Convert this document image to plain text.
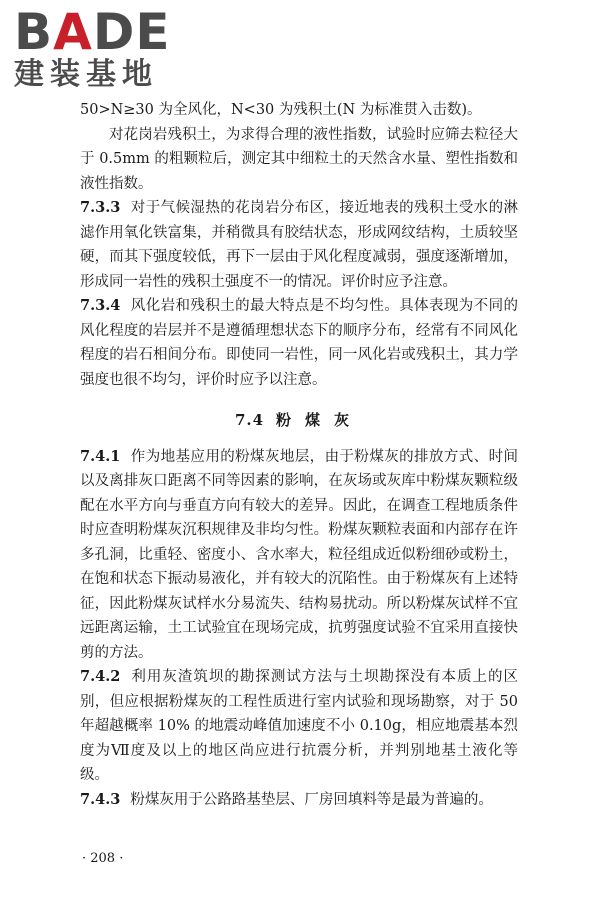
BADE
建装基地

50>N≥30 为全风化，N<30 为残积土(N 为标准贯入击数)。

对花岗岩残积土，为求得合理的液性指数，试验时应筛去粒径大于 0.5mm 的粗颗粒后，测定其中细粒土的天然含水量、塑性指数和液性指数。

7.3.3 对于气候湿热的花岗岩分布区，接近地表的残积土受水的淋滤作用氧化铁富集，并稍微具有胶结状态，形成网纹结构，土质较坚硬，而其下强度较低，再下一层由于风化程度减弱，强度逐渐增加，形成同一岩性的残积土强度不一的情况。评价时应予注意。

7.3.4 风化岩和残积土的最大特点是不均匀性。具体表现为不同的风化程度的岩层并不是遵循理想状态下的顺序分布，经常有不同风化程度的岩石相间分布。即使同一岩性，同一风化岩或残积土，其力学强度也很不均匀，评价时应予以注意。

7.4 粉煤灰

7.4.1 作为地基应用的粉煤灰地层，由于粉煤灰的排放方式、时间以及离排灰口距离不同等因素的影响，在灰场或灰库中粉煤灰颗粒级配在水平方向与垂直方向有较大的差异。因此，在调查工程地质条件时应查明粉煤灰沉积规律及非均匀性。粉煤灰颗粒表面和内部存在许多孔洞，比重轻、密度小、含水率大，粒径组成近似粉细砂或粉土，在饱和状态下振动易液化，并有较大的沉陷性。由于粉煤灰有上述特征，因此粉煤灰试样水分易流失、结构易扰动。所以粉煤灰试样不宜远距离运输，土工试验宜在现场完成，抗剪强度试验不宜采用直接快剪的方法。

7.4.2 利用灰渣筑坝的勘探测试方法与土坝勘探没有本质上的区别，但应根据粉煤灰的工程性质进行室内试验和现场勘察，对于 50 年超越概率 10% 的地震动峰值加速度不小 0.10g，相应地震基本烈度为Ⅶ度及以上的地区尚应进行抗震分析，并判别地基土液化等级。

7.4.3 粉煤灰用于公路路基垫层、厂房回填料等是最为普遍的。

· 208 ·
